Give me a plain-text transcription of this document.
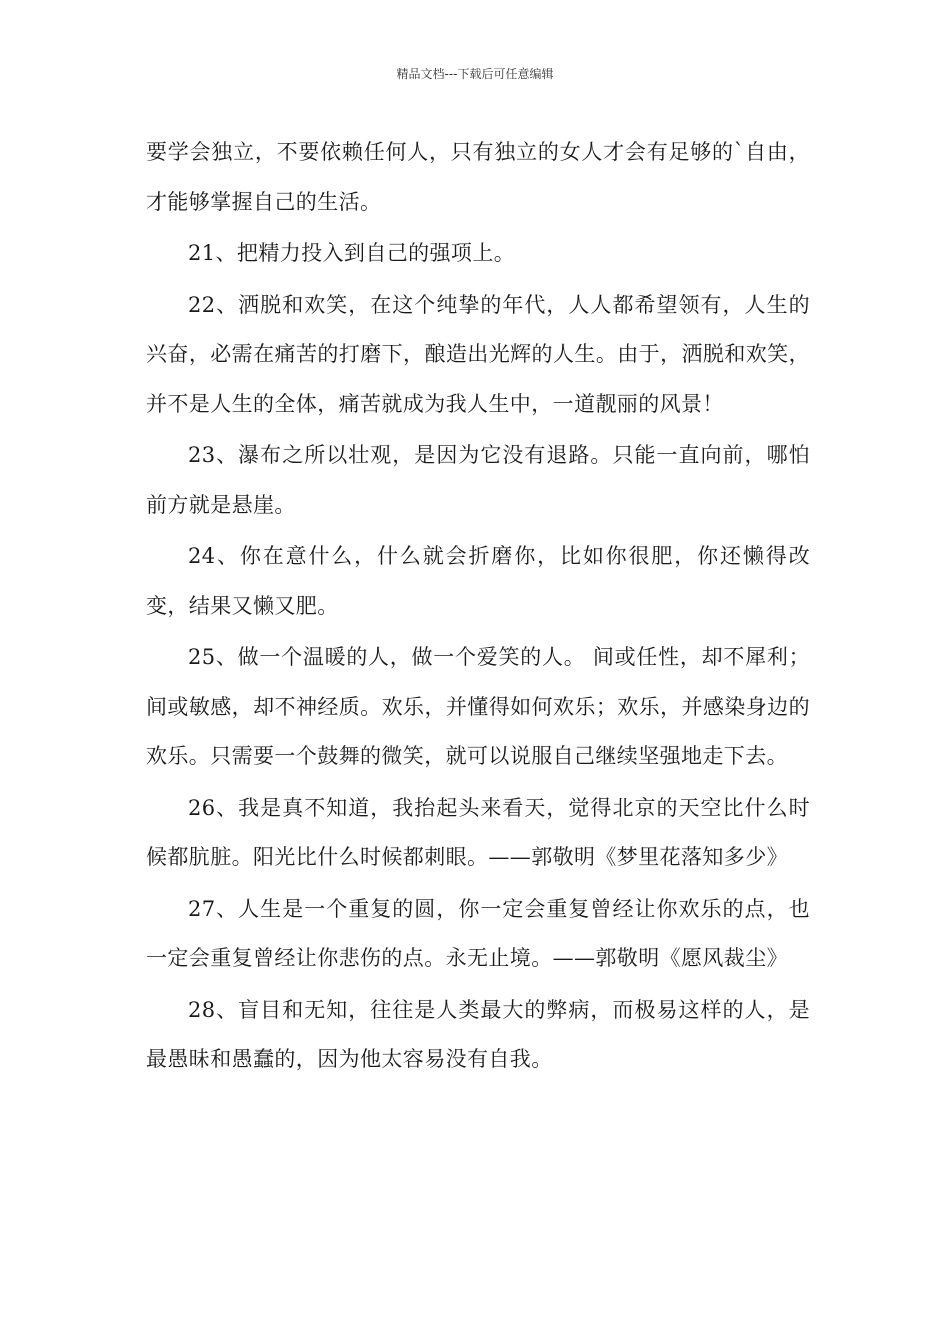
精品文档---下载后可任意编辑

要学会独立，不要依赖任何人，只有独立的女人才会有足够的`自由，才能够掌握自己的生活。

21、把精力投入到自己的强项上。

22、洒脱和欢笑，在这个纯挚的年代，人人都希望领有，人生的兴奋，必需在痛苦的打磨下，酿造出光辉的人生。由于，洒脱和欢笑，并不是人生的全体，痛苦就成为我人生中，一道靓丽的风景！

23、瀑布之所以壮观，是因为它没有退路。只能一直向前，哪怕前方就是悬崖。

24、你在意什么，什么就会折磨你，比如你很肥，你还懒得改变，结果又懒又肥。

25、做一个温暖的人，做一个爱笑的人。 间或任性，却不犀利；间或敏感，却不神经质。欢乐，并懂得如何欢乐；欢乐，并感染身边的欢乐。只需要一个鼓舞的微笑，就可以说服自己继续坚强地走下去。

26、我是真不知道，我抬起头来看天，觉得北京的天空比什么时候都肮脏。阳光比什么时候都刺眼。——郭敬明《梦里花落知多少》

27、人生是一个重复的圆，你一定会重复曾经让你欢乐的点，也一定会重复曾经让你悲伤的点。永无止境。——郭敬明《愿风裁尘》

28、盲目和无知，往往是人类最大的弊病，而极易这样的人，是最愚昧和愚蠢的，因为他太容易没有自我。
